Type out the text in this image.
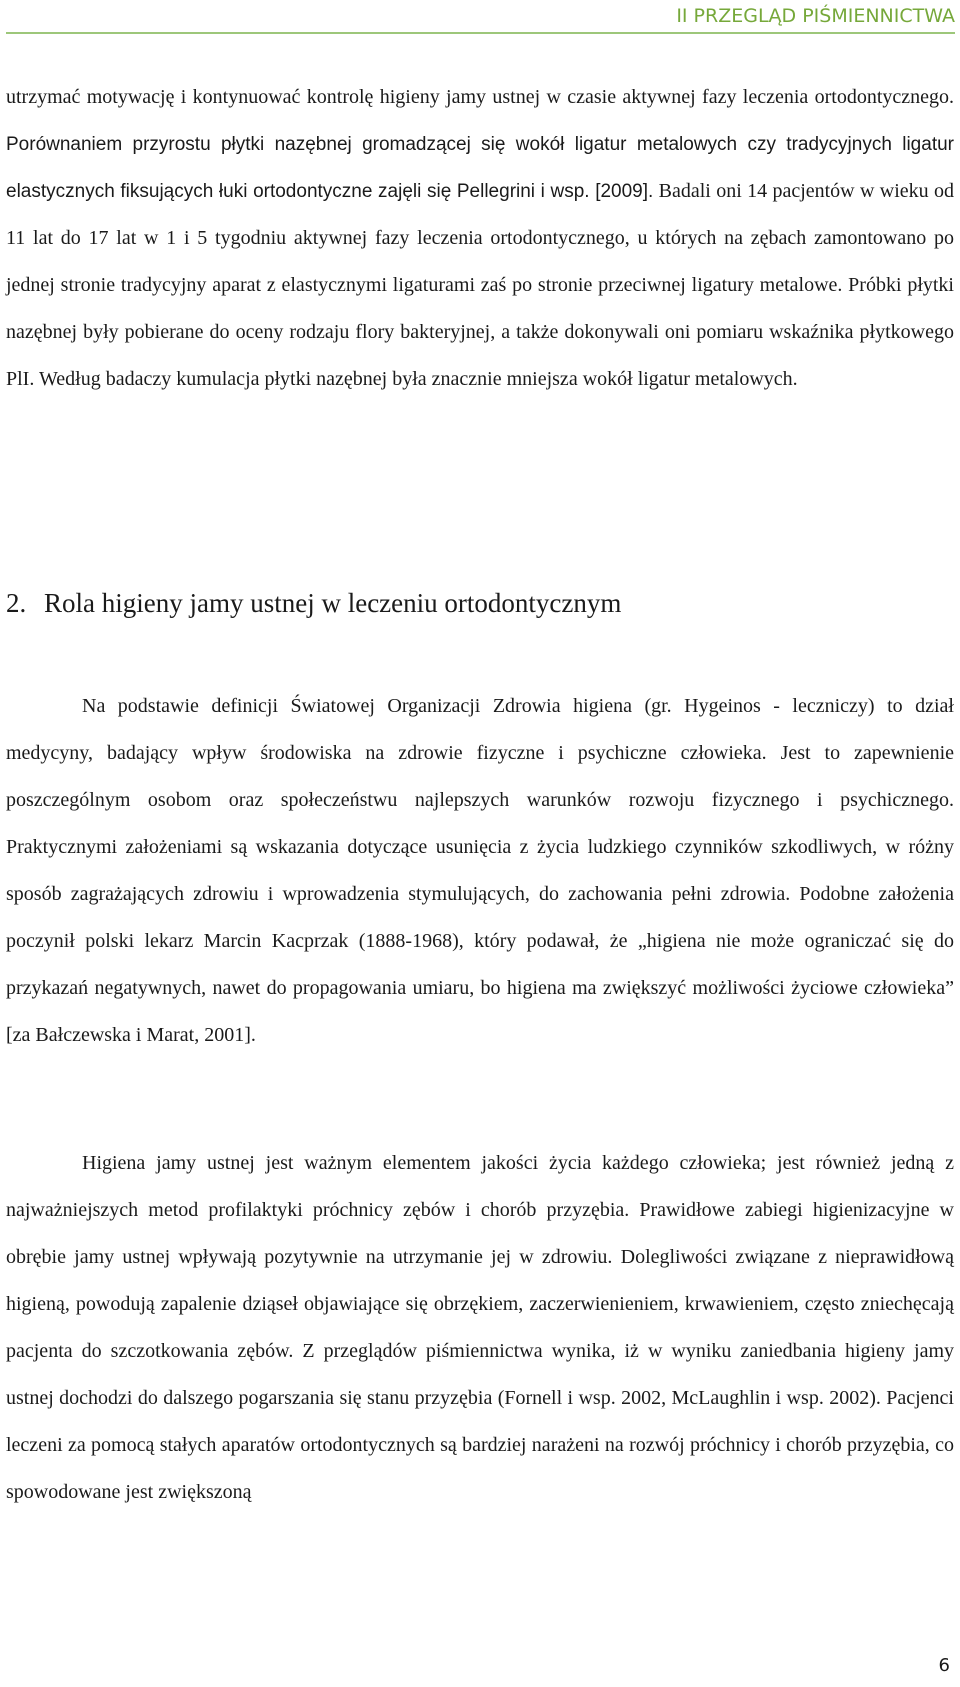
II PRZEGLĄD PIŚMIENNICTWA

utrzymać motywację i kontynuować kontrolę higieny jamy ustnej w czasie aktywnej fazy leczenia ortodontycznego. Porównaniem przyrostu płytki nazębnej gromadzącej się wokół ligatur metalowych czy tradycyjnych ligatur elastycznych fiksujących łuki ortodontyczne zajęli się Pellegrini i wsp. [2009]. Badali oni 14 pacjentów w wieku od 11 lat do 17 lat w 1 i 5 tygodniu aktywnej fazy leczenia ortodontycznego, u których na zębach zamontowano po jednej stronie tradycyjny aparat z elastycznymi ligaturami zaś po stronie przeciwnej ligatury metalowe. Próbki płytki nazębnej były pobierane do oceny rodzaju flory bakteryjnej, a także dokonywali oni pomiaru wskaźnika płytkowego PlI. Według badaczy kumulacja płytki nazębnej była znacznie mniejsza wokół ligatur metalowych.

2. Rola higieny jamy ustnej w leczeniu ortodontycznym

Na podstawie definicji Światowej Organizacji Zdrowia higiena (gr. Hygeinos - leczniczy) to dział medycyny, badający wpływ środowiska na zdrowie fizyczne i psychiczne człowieka. Jest to zapewnienie poszczególnym osobom oraz społeczeństwu najlepszych warunków rozwoju fizycznego i psychicznego. Praktycznymi założeniami są wskazania dotyczące usunięcia z życia ludzkiego czynników szkodliwych, w różny sposób zagrażających zdrowiu i wprowadzenia stymulujących, do zachowania pełni zdrowia. Podobne założenia poczynił polski lekarz Marcin Kacprzak (1888-1968), który podawał, że „higiena nie może ograniczać się do przykazań negatywnych, nawet do propagowania umiaru, bo higiena ma zwiększyć możliwości życiowe człowieka” [za Bałczewska i Marat, 2001].

Higiena jamy ustnej jest ważnym elementem jakości życia każdego człowieka; jest również jedną z najważniejszych metod profilaktyki próchnicy zębów i chorób przyzębia. Prawidłowe zabiegi higienizacyjne w obrębie jamy ustnej wpływają pozytywnie na utrzymanie jej w zdrowiu. Dolegliwości związane z nieprawidłową higieną, powodują zapalenie dziąseł objawiające się obrzękiem, zaczerwienieniem, krwawieniem, często zniechęcają pacjenta do szczotkowania zębów. Z przeglądów piśmiennictwa wynika, iż w wyniku zaniedbania higieny jamy ustnej dochodzi do dalszego pogarszania się stanu przyzębia (Fornell i wsp. 2002, McLaughlin i wsp. 2002). Pacjenci leczeni za pomocą stałych aparatów ortodontycznych są bardziej narażeni na rozwój próchnicy i chorób przyzębia, co spowodowane jest zwiększoną

6
